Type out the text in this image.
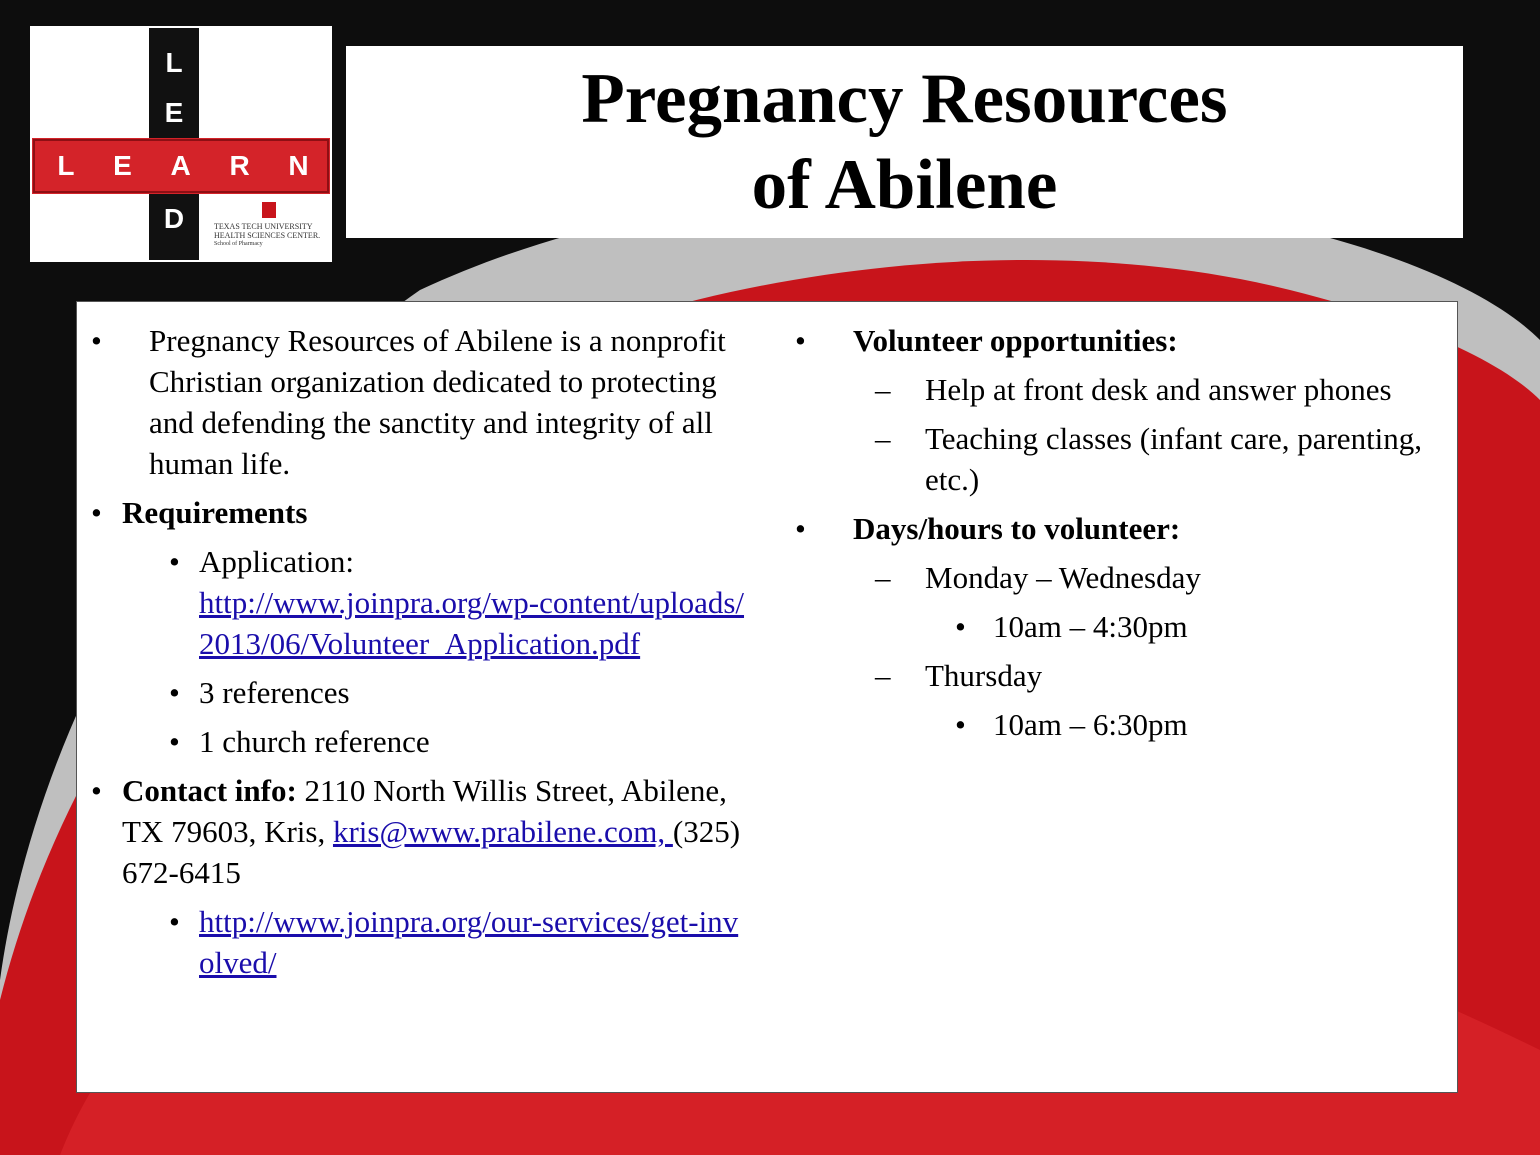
L
E
D
L E A R N
TEXAS TECH UNIVERSITY
HEALTH SCIENCES CENTER.
School of Pharmacy
Pregnancy Resources
of Abilene
• Pregnancy Resources of Abilene is a nonprofit Christian organization dedicated to protecting and defending the sanctity and integrity of all human life.
• Requirements
• Application:
http://www.joinpra.org/wp-content/uploads/2013/06/Volunteer_Application.pdf
• 3 references
• 1 church reference
• Contact info: 2110 North Willis Street, Abilene, TX 79603, Kris, kris@www.prabilene.com, (325) 672-6415
• http://www.joinpra.org/our-services/get-involved/
• Volunteer opportunities:
– Help at front desk and answer phones
– Teaching classes (infant care, parenting, etc.)
• Days/hours to volunteer:
– Monday – Wednesday
• 10am – 4:30pm
– Thursday
• 10am – 6:30pm
